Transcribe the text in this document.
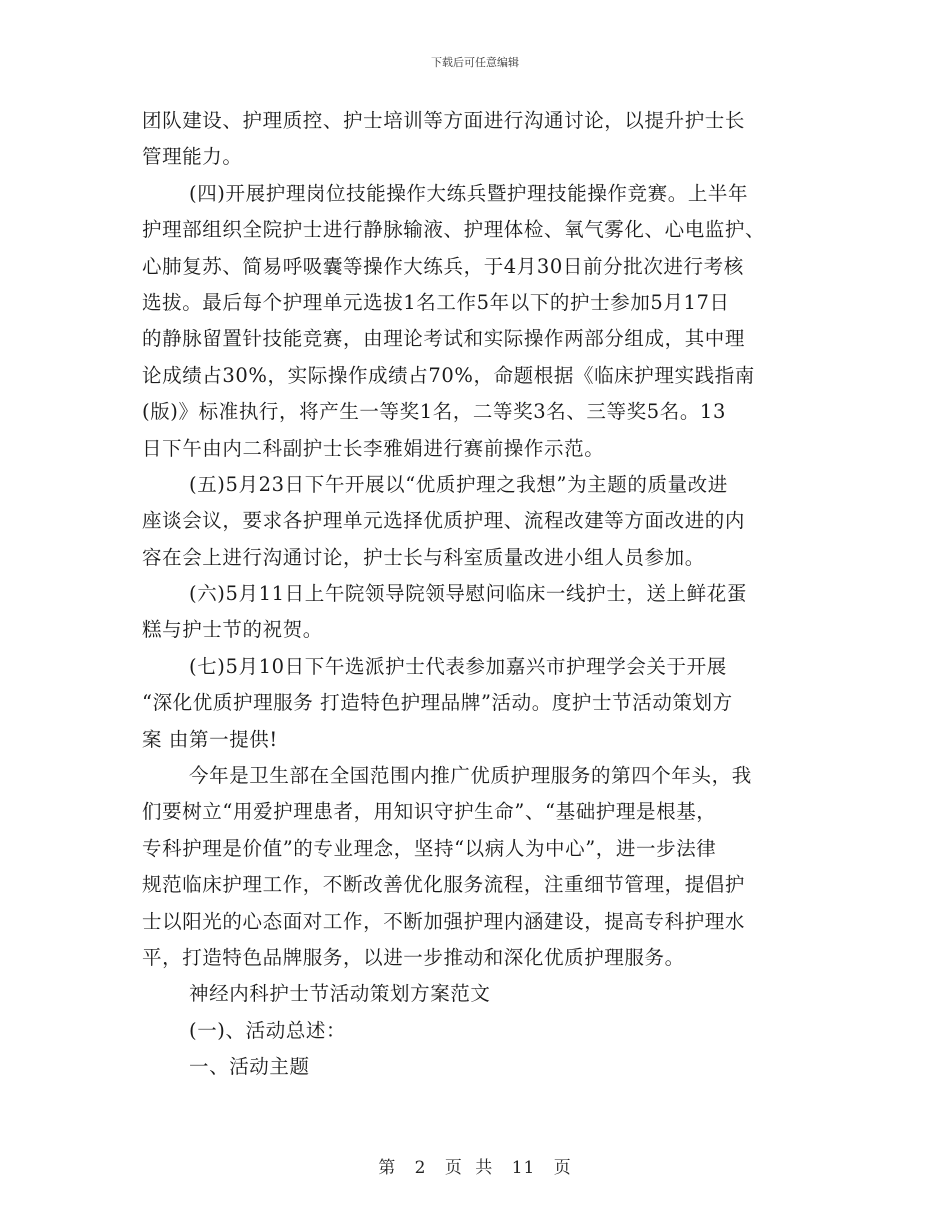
下载后可任意编辑
团队建设、护理质控、护士培训等方面进行沟通讨论，以提升护士长
管理能力。
(四)开展护理岗位技能操作大练兵暨护理技能操作竞赛。上半年
护理部组织全院护士进行静脉输液、护理体检、氧气雾化、心电监护、
心肺复苏、简易呼吸囊等操作大练兵，于4月30日前分批次进行考核
选拔。最后每个护理单元选拔1名工作5年以下的护士参加5月17日
的静脉留置针技能竞赛，由理论考试和实际操作两部分组成，其中理
论成绩占30%，实际操作成绩占70%，命题根据《临床护理实践指南
(版)》标准执行，将产生一等奖1名，二等奖3名、三等奖5名。13
日下午由内二科副护士长李雅娟进行赛前操作示范。
(五)5月23日下午开展以“优质护理之我想”为主题的质量改进
座谈会议，要求各护理单元选择优质护理、流程改建等方面改进的内
容在会上进行沟通讨论，护士长与科室质量改进小组人员参加。
(六)5月11日上午院领导院领导慰问临床一线护士，送上鲜花蛋
糕与护士节的祝贺。
(七)5月10日下午选派护士代表参加嘉兴市护理学会关于开展
“深化优质护理服务 打造特色护理品牌”活动。度护士节活动策划方
案 由第一提供!
今年是卫生部在全国范围内推广优质护理服务的第四个年头，我
们要树立“用爱护理患者，用知识守护生命”、“基础护理是根基，
专科护理是价值”的专业理念，坚持“以病人为中心”，进一步法律
规范临床护理工作，不断改善优化服务流程，注重细节管理，提倡护
士以阳光的心态面对工作，不断加强护理内涵建设，提高专科护理水
平，打造特色品牌服务，以进一步推动和深化优质护理服务。
神经内科护士节活动策划方案范文
(一)、活动总述：
一、活动主题
第 2 页 共 11 页
